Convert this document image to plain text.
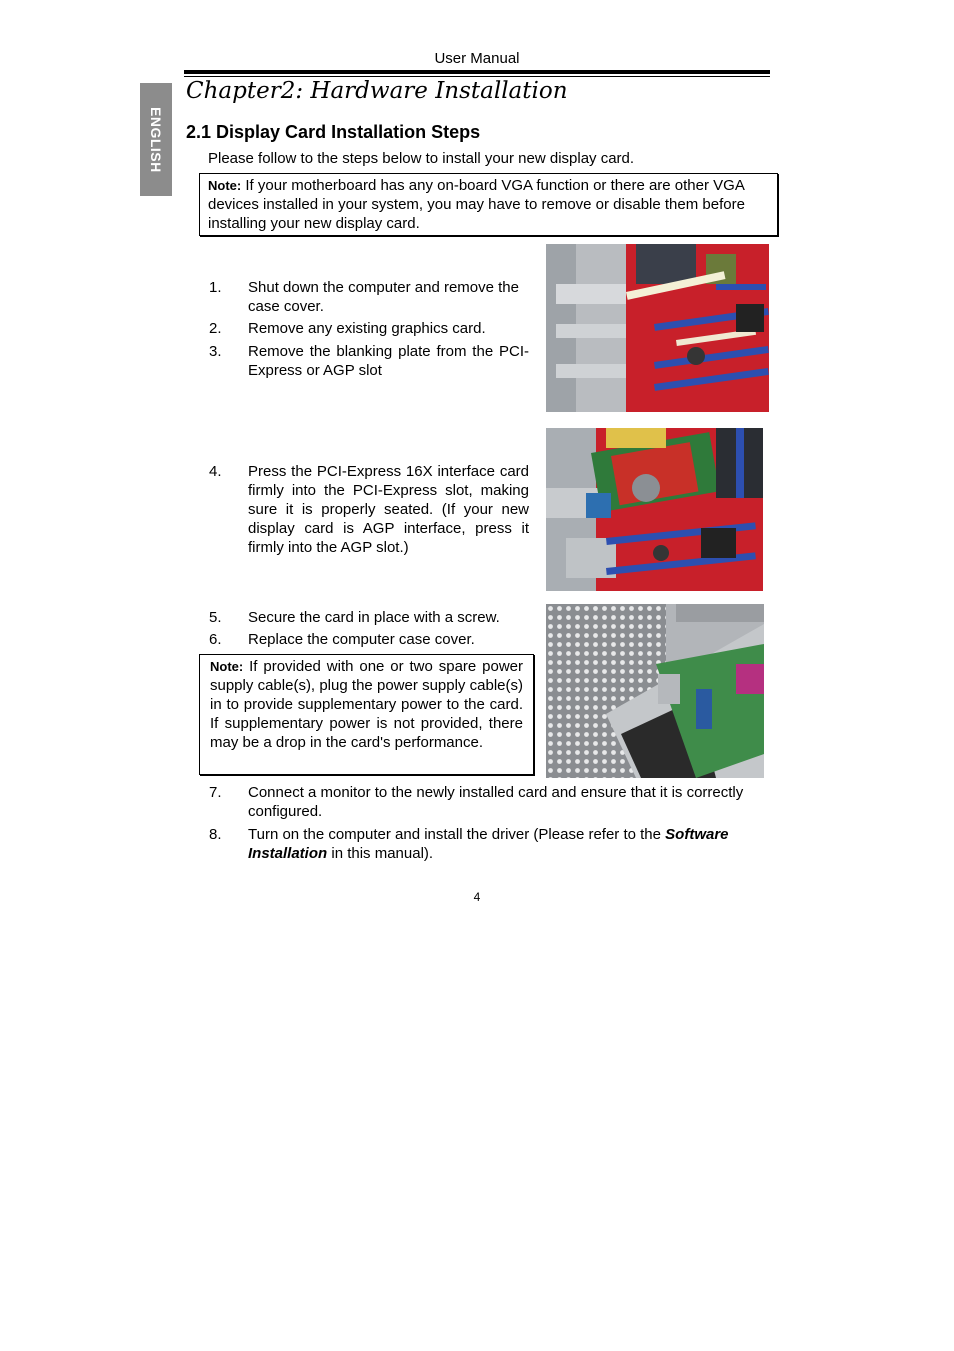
User Manual
ENGLISH
Chapter2: Hardware Installation
2.1 Display Card Installation Steps
Please follow to the steps below to install your new display card.
Note: If your motherboard has any on-board VGA function or there are other VGA devices installed in your system, you may have to remove or disable them before installing your new display card.
1. Shut down the computer and remove the case cover.
2. Remove any existing graphics card.
3. Remove the blanking plate from the PCI-Express or AGP slot
4. Press the PCI-Express 16X interface card firmly into the PCI-Express slot, making sure it is properly seated. (If your new display card is AGP interface, press it firmly into the AGP slot.)
5. Secure the card in place with a screw.
6. Replace the computer case cover.
Note: If provided with one or two spare power supply cable(s), plug the power supply cable(s) in to provide supplementary power to the card. If supplementary power is not provided, there may be a drop in the card's performance.
7. Connect a monitor to the newly installed card and ensure that it is correctly configured.
8. Turn on the computer and install the driver (Please refer to the Software Installation in this manual).
4
